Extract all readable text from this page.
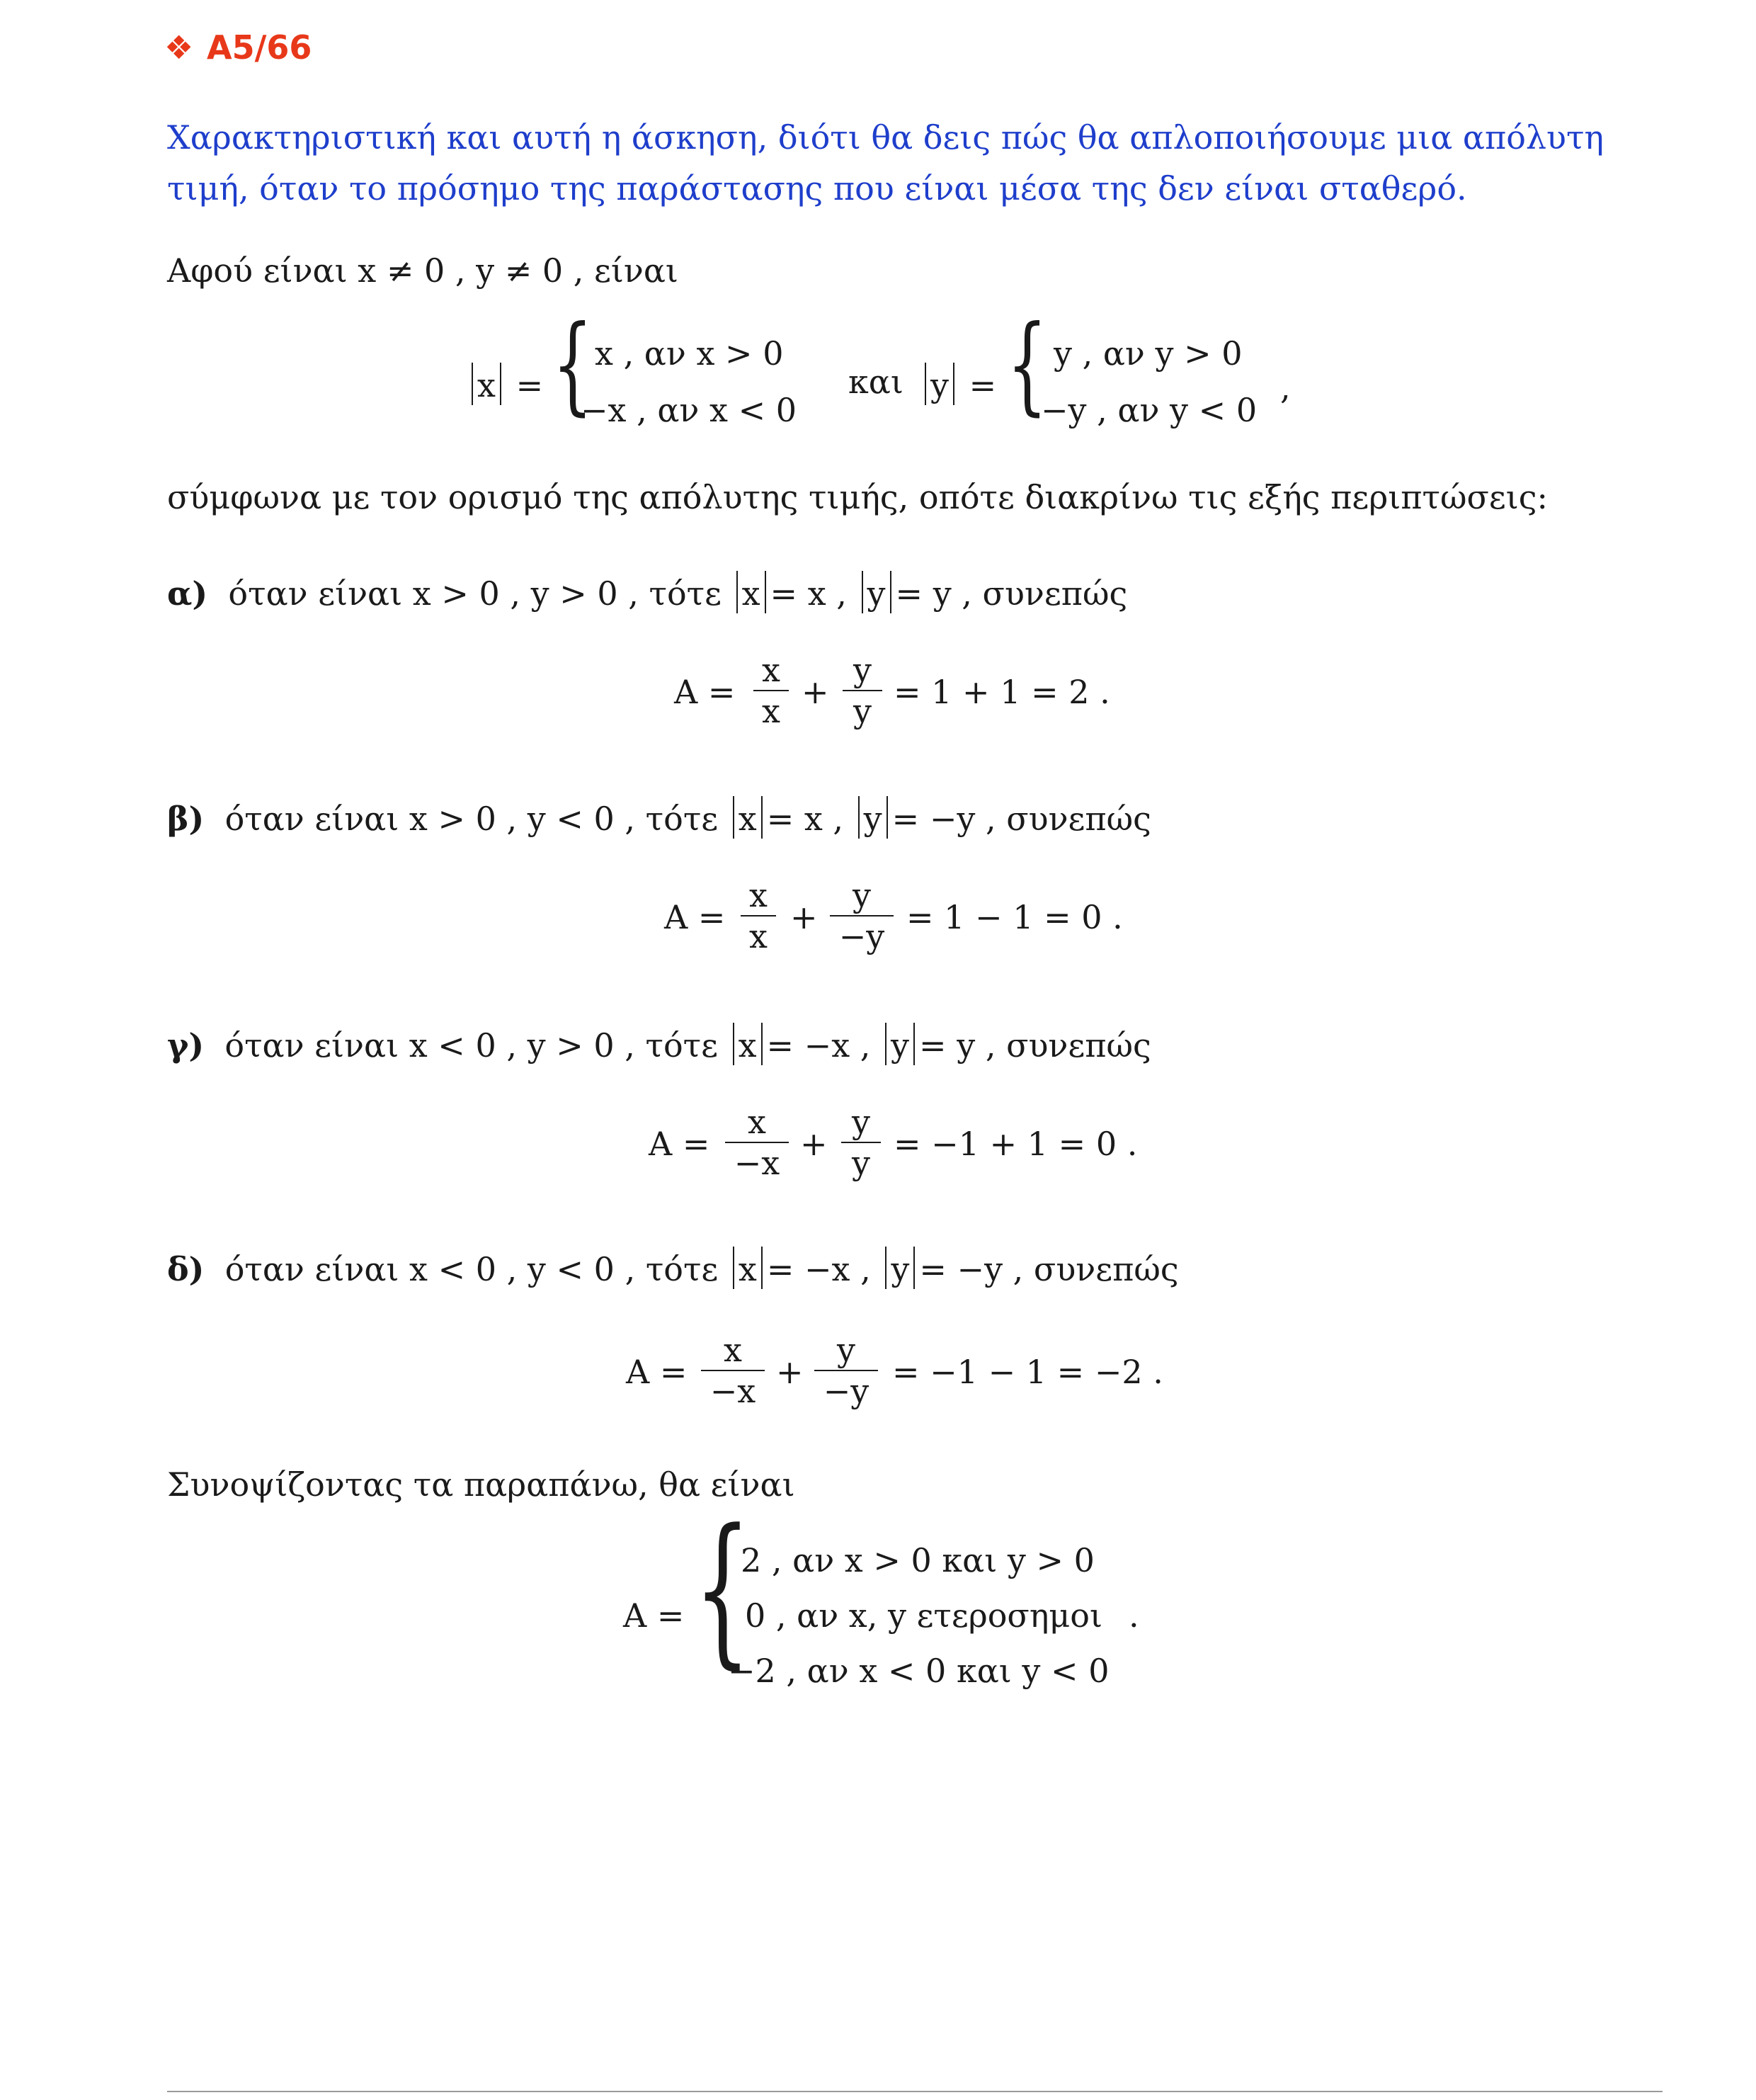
❖ A5/66
Χαρακτηριστική και αυτή η άσκηση, διότι θα δεις πώς θα απλοποιήσουμε μια απόλυτη
τιμή, όταν το πρόσημο της παράστασης που είναι μέσα της δεν είναι σταθερό.
Αφού είναι x ≠ 0 , y ≠ 0 , είναι
x = { x , αν x > 0
−x , αν x < 0
και y = { y , αν y > 0
−y , αν y < 0
,
σύμφωνα με τον ορισμό της απόλυτης τιμής, οπότε διακρίνω τις εξής περιπτώσεις:
α) όταν είναι x > 0 , y > 0 , τότε x = x , y = y , συνεπώς
A =
x
x +
y
y = 1 + 1 = 2 .
β) όταν είναι x > 0 , y < 0 , τότε x = x , y = −y , συνεπώς
A =
x
x +
y
−y = 1 − 1 = 0 .
γ) όταν είναι x < 0 , y > 0 , τότε x = −x , y = y , συνεπώς
A =
x
−x +
y
y = −1 + 1 = 0 .
δ) όταν είναι x < 0 , y < 0 , τότε x = −x , y = −y , συνεπώς
A =
x
−x +
y
−y = −1 − 1 = −2 .
Συνοψίζοντας τα παραπάνω, θα είναι
A = {
2 , αν x > 0 και y > 0
0 , αν x, y ετεροσημοι
−2 , αν x < 0 και y < 0
.
